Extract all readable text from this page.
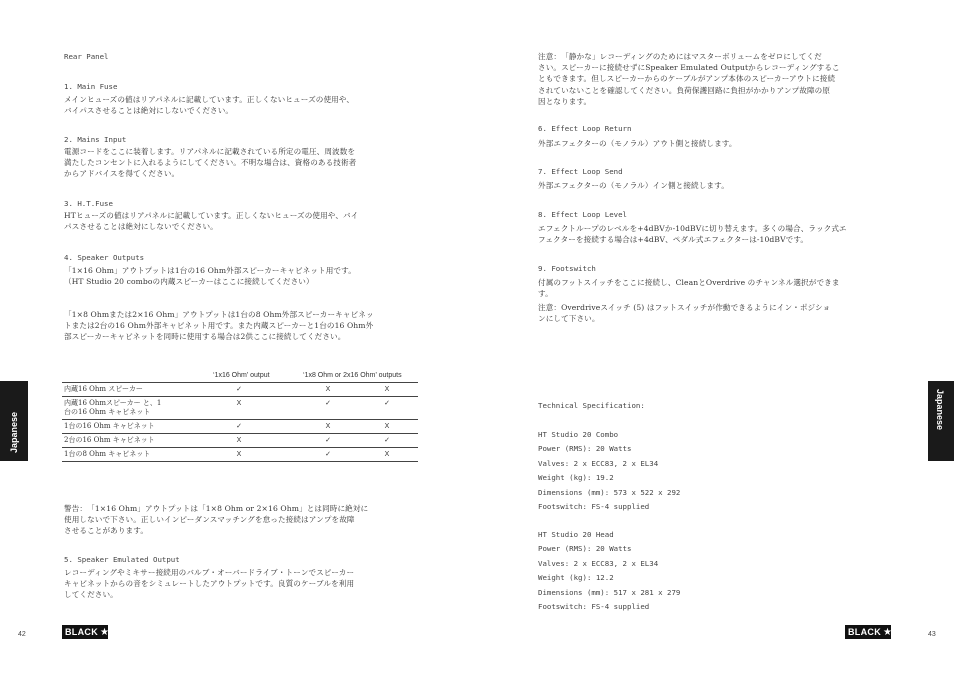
Rear Panel
1. Main Fuse
メインヒューズの値はリアパネルに記載しています。正しくないヒューズの使用や、
バイパスさせることは絶対にしないでください。
2. Mains Input
電源コードをここに装着します。リアパネルに記載されている所定の電圧、周波数を
満たしたコンセントに入れるようにしてください。不明な場合は、資格のある技術者
からアドバイスを得てください。
3. H.T.Fuse
HTヒューズの値はリアパネルに記載しています。正しくないヒューズの使用や、バイ
パスさせることは絶対にしないでください。
4. Speaker Outputs
「1×16 Ohm」アウトプットは1台の16 Ohm外部スピーカーキャビネット用です。
（HT Studio 20 comboの内蔵スピーカーはここに接続してください）
「1×8 Ohmまたは2×16 Ohm」アウトプットは1台の8 Ohm外部スピーカーキャビネッ
トまたは2台の16 Ohm外部キャビネット用です。また内蔵スピーカーと1台の16 Ohm外
部スピーカーキャビネットを同時に使用する場合は2供ここに接続してください。
‘1x16 Ohm’ output	‘1x8 Ohm or 2x16 Ohm’ outputs
内蔵16 Ohm スピーカー	✓	X	X
内蔵16 Ohmスピーカー と、1
台の16 Ohm キャビネット	X	✓	✓
1台の16 Ohm キャビネット	✓	X	X
2台の16 Ohm キャビネット	X	✓	✓
1台の8 Ohm キャビネット	X	✓	X
警告：　「1×16 Ohm」アウトプットは「1×8 Ohm or 2×16 Ohm」とは同時に絶対に
使用しないで下さい。正しいインピーダンスマッチングを怠った接続はアンプを故障
させることがあります。
5. Speaker Emulated Output
レコーディングやミキサー接続用のバルブ・オーバードライブ・トーンでスピーカー
キャビネットからの音をシミュレートしたアウトプットです。良質のケーブルを利用
してください。
Japanese
42	BLACK ★
注意：　「静かな」レコーディングのためにはマスターボリュームをゼロにしてくだ
さい。スピーカーに接続せずにSpeaker Emulated Outputからレコーディングするこ
ともできます。但しスピーカーからのケーブルがアンプ本体のスピーカーアウトに接続
されていないことを確認してください。負荷保護回路に負担がかかりアンプ故障の原
因となります。
6. Effect Loop Return
外部エフェクターの（モノラル）アウト側と接続します。
7. Effect Loop Send
外部エフェクターの（モノラル）イン側と接続します。
8. Effect Loop Level
エフェクトループのレベルを+4dBVか-10dBVに切り替えます。多くの場合、ラック式エ
フェクターを接続する場合は+4dBV、ペダル式エフェクターは-10dBVです。
9. Footswitch
付属のフットスイッチをここに接続し、CleanとOverdrive のチャンネル選択ができま
す。
注意：Overdriveスイッチ (5) はフットスイッチが作動できるようにイン・ポジショ
ンにして下さい。
Technical Specification:
HT Studio 20 Combo
Power (RMS): 20 Watts
Valves: 2 x ECC83, 2 x EL34
Weight (kg): 19.2
Dimensions (mm): 573 x 522 x 292
Footswitch: FS-4 supplied
HT Studio 20 Head
Power (RMS): 20 Watts
Valves: 2 x ECC83, 2 x EL34
Weight (kg): 12.2
Dimensions (mm): 517 x 281 x 279
Footswitch: FS-4 supplied
Japanese
43
BLACK ★
